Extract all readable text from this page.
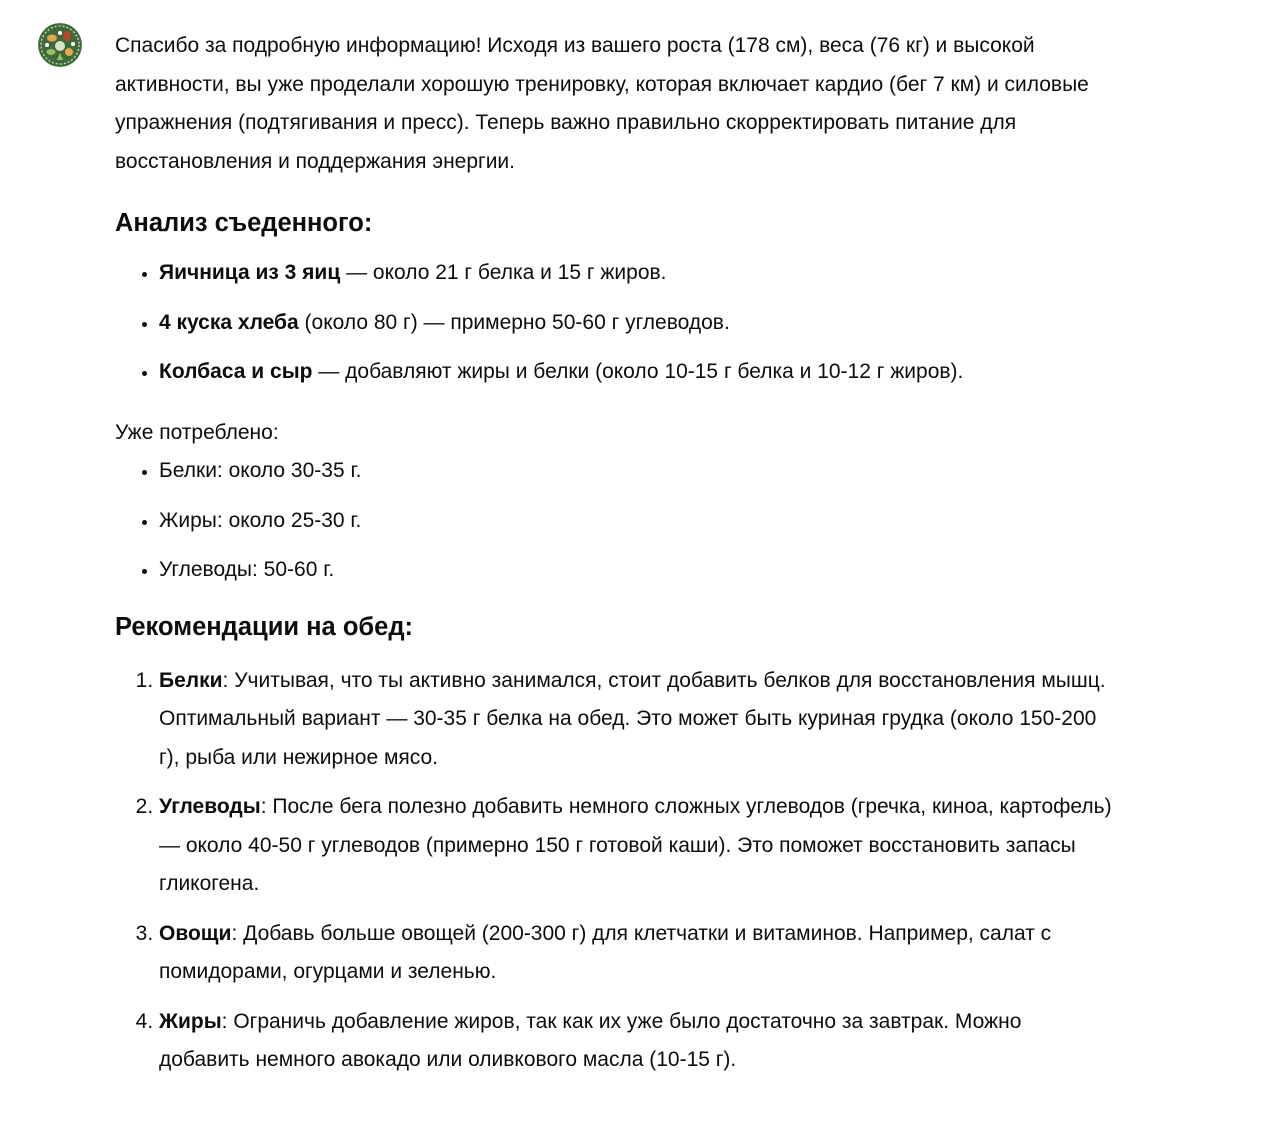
Спасибо за подробную информацию! Исходя из вашего роста (178 см), веса (76 кг) и высокой активности, вы уже проделали хорошую тренировку, которая включает кардио (бег 7 км) и силовые упражнения (подтягивания и пресс). Теперь важно правильно скорректировать питание для восстановления и поддержания энергии.

Анализ съеденного:
• Яичница из 3 яиц — около 21 г белка и 15 г жиров.
• 4 куска хлеба (около 80 г) — примерно 50-60 г углеводов.
• Колбаса и сыр — добавляют жиры и белки (около 10-15 г белка и 10-12 г жиров).

Уже потреблено:

• Белки: около 30-35 г.
• Жиры: около 25-30 г.
• Углеводы: 50-60 г.
Рекомендации на обед:
1. Белки: Учитывая, что ты активно занимался, стоит добавить белков для восстановления мышц. Оптимальный вариант — 30-35 г белка на обед. Это может быть куриная грудка (около 150-200 г), рыба или нежирное мясо.
2. Углеводы: После бега полезно добавить немного сложных углеводов (гречка, киноа, картофель) — около 40-50 г углеводов (примерно 150 г готовой каши). Это поможет восстановить запасы гликогена.
3. Овощи: Добавь больше овощей (200-300 г) для клетчатки и витаминов. Например, салат с помидорами, огурцами и зеленью.
4. Жиры: Ограничь добавление жиров, так как их уже было достаточно за завтрак. Можно добавить немного авокадо или оливкового масла (10-15 г).
